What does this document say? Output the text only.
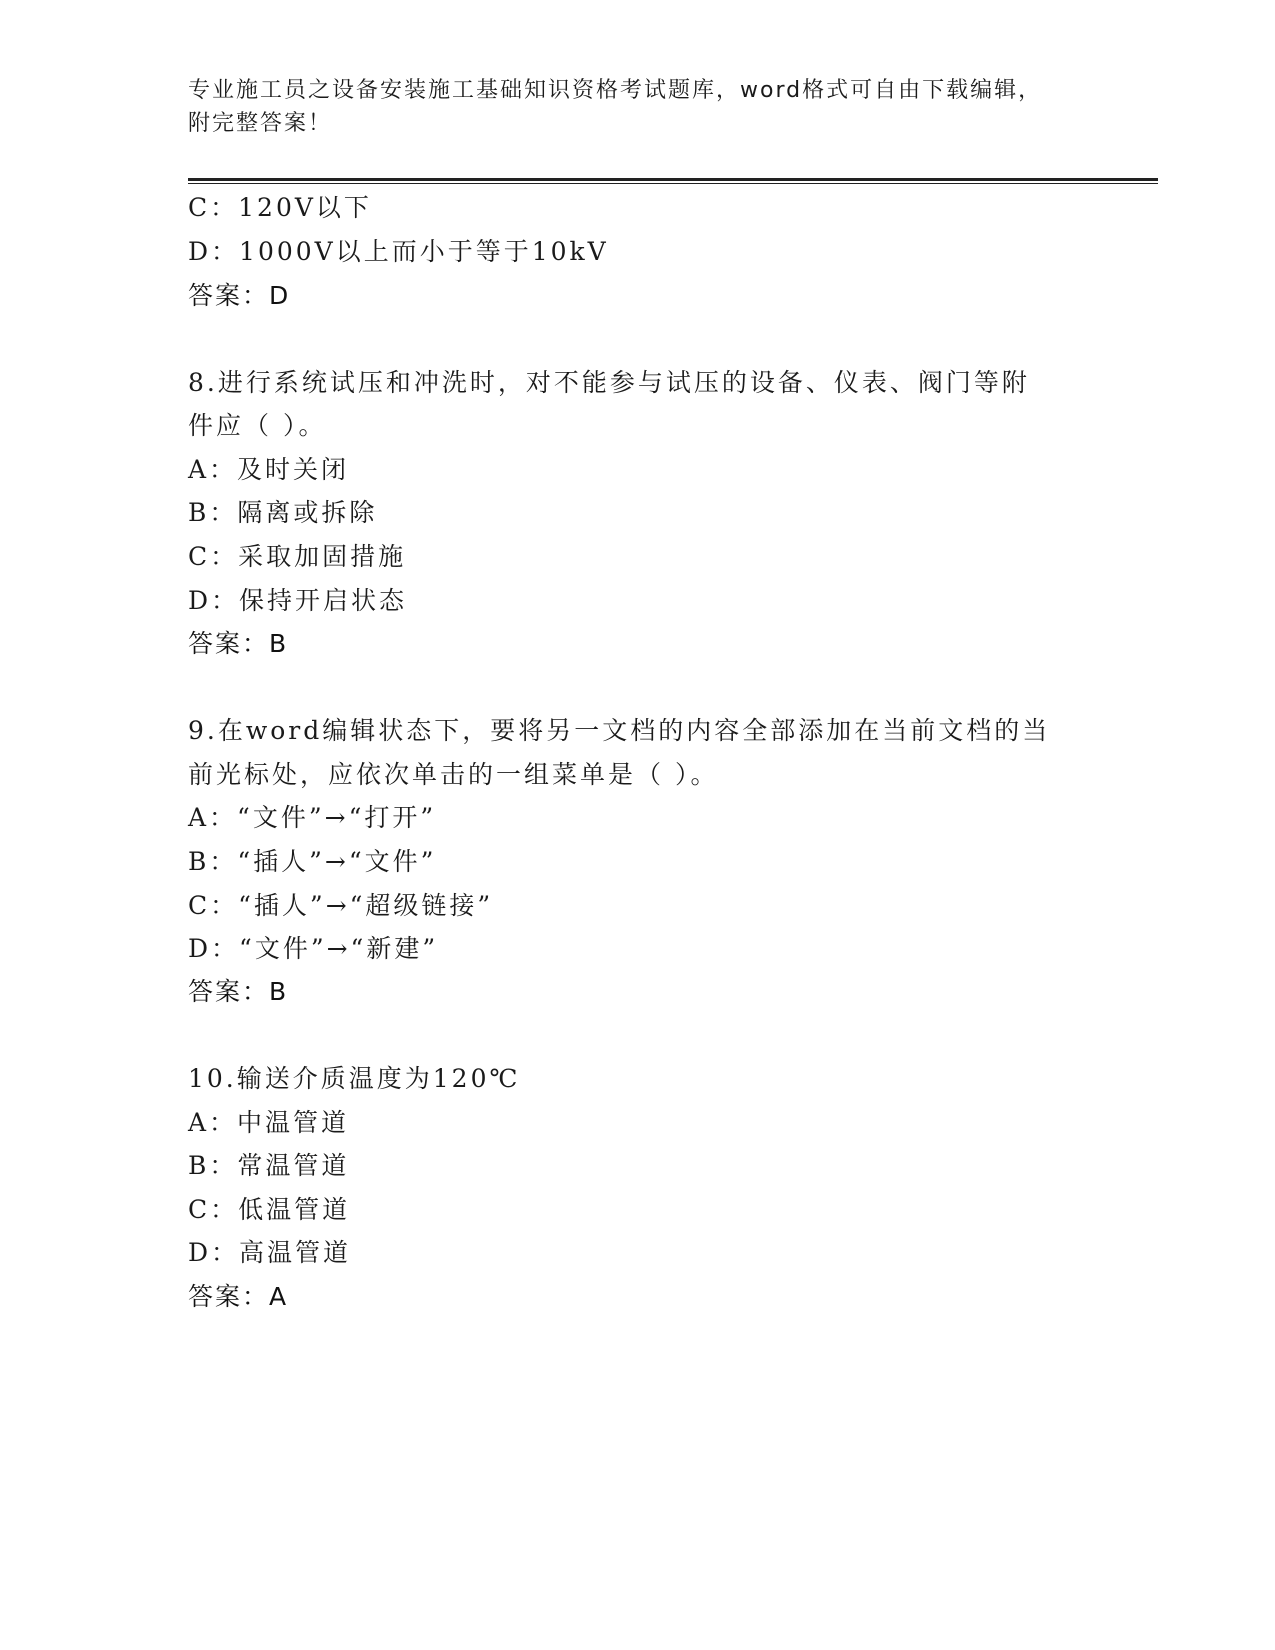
专业施工员之设备安装施工基础知识资格考试题库，word格式可自由下载编辑，
附完整答案！
C：120V以下
D：1000V以上而小于等于10kV
答案：D
8.进行系统试压和冲洗时，对不能参与试压的设备、仪表、阀门等附
件应（ ）。
A：及时关闭
B：隔离或拆除
C：采取加固措施
D：保持开启状态
答案：B
9.在word编辑状态下，要将另一文档的内容全部添加在当前文档的当
前光标处，应依次单击的一组菜单是（ ）。
A：“文件”→“打开”
B：“插人”→“文件”
C：“插人”→“超级链接”
D：“文件”→“新建”
答案：B
10.输送介质温度为120℃
A：中温管道
B：常温管道
C：低温管道
D：高温管道
答案：A
